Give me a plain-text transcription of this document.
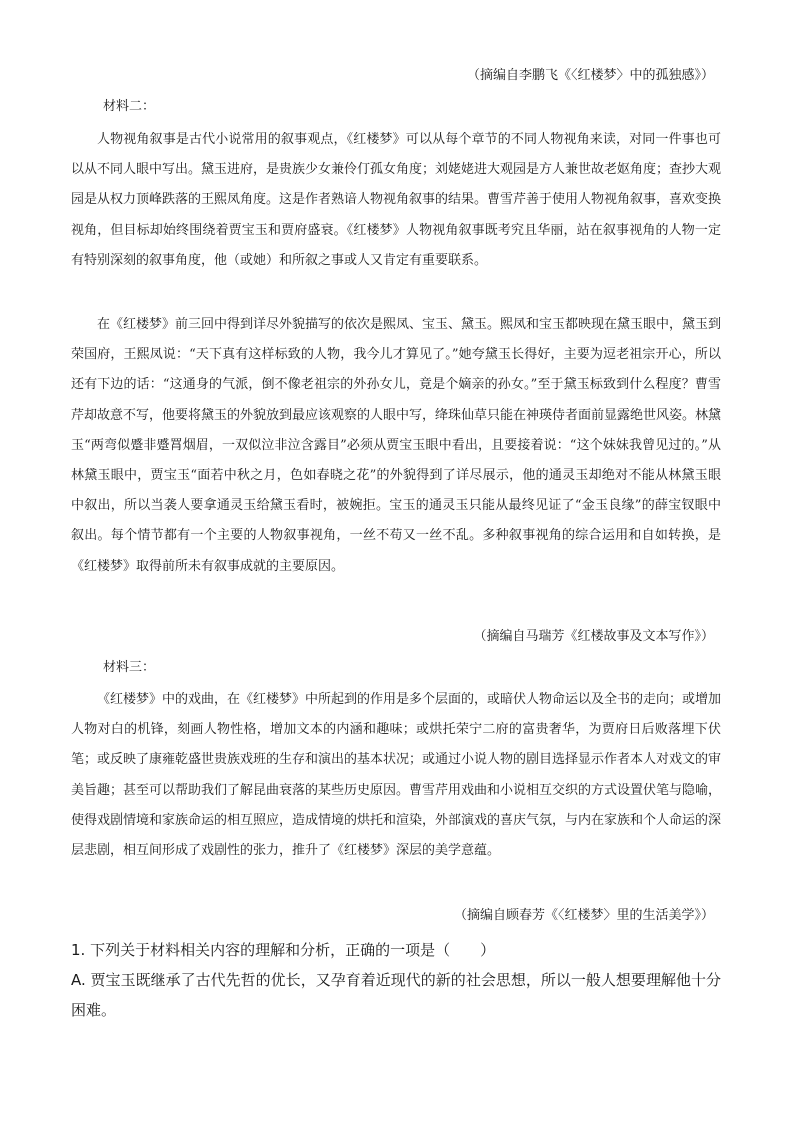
（摘编自李鹏飞《〈红楼梦〉中的孤独感》）
材料二：

人物视角叙事是古代小说常用的叙事观点，《红楼梦》可以从每个章节的不同人物视角来读，对同一件事也可以从不同人眼中写出。黛玉进府，是贵族少女兼伶仃孤女角度；刘姥姥进大观园是方人兼世故老妪角度；查抄大观园是从权力顶峰跌落的王熙凤角度。这是作者熟谙人物视角叙事的结果。曹雪芹善于使用人物视角叙事，喜欢变换视角，但目标却始终围绕着贾宝玉和贾府盛衰。《红楼梦》人物视角叙事既考究且华丽，站在叙事视角的人物一定有特别深刻的叙事角度，他（或她）和所叙之事或人又肯定有重要联系。

在《红楼梦》前三回中得到详尽外貌描写的依次是熙凤、宝玉、黛玉。熙凤和宝玉都映现在黛玉眼中，黛玉到荣国府，王熙凤说：“天下真有这样标致的人物，我今儿才算见了。”她夸黛玉长得好，主要为逗老祖宗开心，所以还有下边的话：“这通身的气派，倒不像老祖宗的外孙女儿，竟是个嫡亲的孙女。”至于黛玉标致到什么程度？曹雪芹却故意不写，他要将黛玉的外貌放到最应该观察的人眼中写，绛珠仙草只能在神瑛侍者面前显露绝世风姿。林黛玉“两弯似蹙非蹙罥烟眉，一双似泣非泣含露目”必须从贾宝玉眼中看出，且要接着说：“这个妹妹我曾见过的。”从林黛玉眼中，贾宝玉“面若中秋之月，色如春晓之花”的外貌得到了详尽展示，他的通灵玉却绝对不能从林黛玉眼中叙出，所以当袭人要拿通灵玉给黛玉看时，被婉拒。宝玉的通灵玉只能从最终见证了“金玉良缘”的薛宝钗眼中叙出。每个情节都有一个主要的人物叙事视角，一丝不苟又一丝不乱。多种叙事视角的综合运用和自如转换，是《红楼梦》取得前所未有叙事成就的主要原因。

（摘编自马瑞芳《红楼故事及文本写作》）
材料三：

《红楼梦》中的戏曲，在《红楼梦》中所起到的作用是多个层面的，或暗伏人物命运以及全书的走向；或增加人物对白的机锋，刻画人物性格，增加文本的内涵和趣味；或烘托荣宁二府的富贵奢华，为贾府日后败落埋下伏笔；或反映了康雍乾盛世贵族戏班的生存和演出的基本状况；或通过小说人物的剧目选择显示作者本人对戏文的审美旨趣；甚至可以帮助我们了解昆曲衰落的某些历史原因。曹雪芹用戏曲和小说相互交织的方式设置伏笔与隐喻，使得戏剧情境和家族命运的相互照应，造成情境的烘托和渲染，外部演戏的喜庆气氛，与内在家族和个人命运的深层悲剧，相互间形成了戏剧性的张力，推升了《红楼梦》深层的美学意蕴。

（摘编自顾春芳《〈红楼梦〉里的生活美学》）

1. 下列关于材料相关内容的理解和分析，正确的一项是（　　）

A. 贾宝玉既继承了古代先哲的优长，又孕育着近现代的新的社会思想，所以一般人想要理解他十分困难。
